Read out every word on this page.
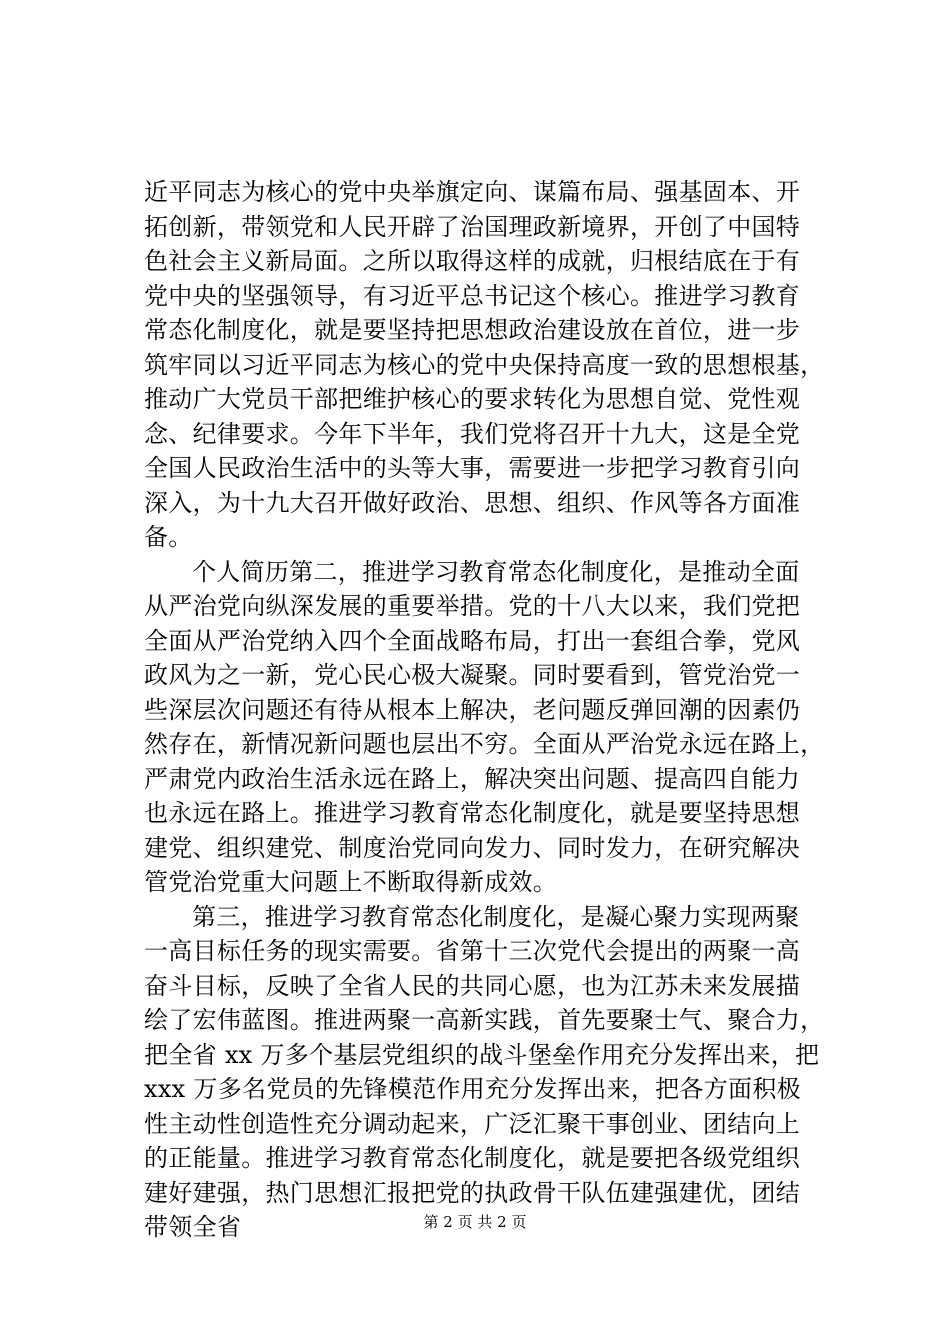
近平同志为核心的党中央举旗定向、谋篇布局、强基固本、开
拓创新，带领党和人民开辟了治国理政新境界，开创了中国特
色社会主义新局面。之所以取得这样的成就，归根结底在于有
党中央的坚强领导，有习近平总书记这个核心。推进学习教育
常态化制度化，就是要坚持把思想政治建设放在首位，进一步
筑牢同以习近平同志为核心的党中央保持高度一致的思想根基，
推动广大党员干部把维护核心的要求转化为思想自觉、党性观
念、纪律要求。今年下半年，我们党将召开十九大，这是全党
全国人民政治生活中的头等大事，需要进一步把学习教育引向
深入，为十九大召开做好政治、思想、组织、作风等各方面准
备。
个人简历第二，推进学习教育常态化制度化，是推动全面
从严治党向纵深发展的重要举措。党的十八大以来，我们党把
全面从严治党纳入四个全面战略布局，打出一套组合拳，党风
政风为之一新，党心民心极大凝聚。同时要看到，管党治党一
些深层次问题还有待从根本上解决，老问题反弹回潮的因素仍
然存在，新情况新问题也层出不穷。全面从严治党永远在路上，
严肃党内政治生活永远在路上，解决突出问题、提高四自能力
也永远在路上。推进学习教育常态化制度化，就是要坚持思想
建党、组织建党、制度治党同向发力、同时发力，在研究解决
管党治党重大问题上不断取得新成效。
第三，推进学习教育常态化制度化，是凝心聚力实现两聚
一高目标任务的现实需要。省第十三次党代会提出的两聚一高
奋斗目标，反映了全省人民的共同心愿，也为江苏未来发展描
绘了宏伟蓝图。推进两聚一高新实践，首先要聚士气、聚合力，
把全省 xx 万多个基层党组织的战斗堡垒作用充分发挥出来，把
xxx 万多名党员的先锋模范作用充分发挥出来，把各方面积极
性主动性创造性充分调动起来，广泛汇聚干事创业、团结向上
的正能量。推进学习教育常态化制度化，就是要把各级党组织
建好建强，热门思想汇报把党的执政骨干队伍建强建优，团结
带领全省	第 2 页 共 2 页
